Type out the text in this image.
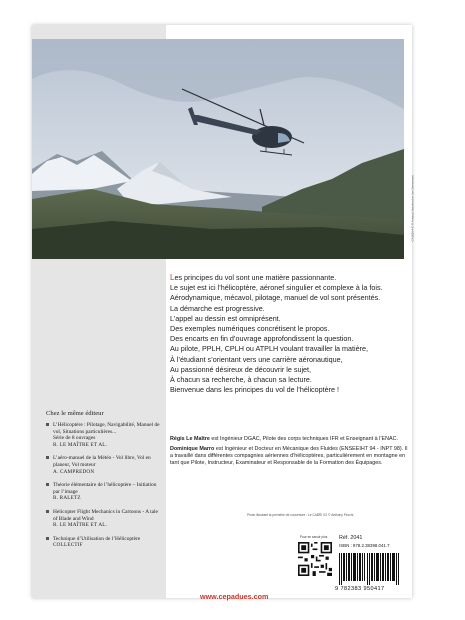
CASQU4-C © Arnaud Jeaufroid et Jan Sammeyer

Les principes du vol sont une matière passionnante.

Le sujet est ici l’hélicoptère, aéronef singulier et complexe à la fois.

Aérodynamique, mécavol, pilotage, manuel de vol sont présentés.

La démarche est progressive.

L’appel au dessin est omniprésent.

Des exemples numériques concrétisent le propos.

Des encarts en fin d’ouvrage approfondissent la question.

Au pilote, PPLH, CPLH ou ATPLH voulant travailler la matière,

À l’étudiant s’orientant vers une carrière aéronautique,

Au passionné désireux de découvrir le sujet,

À chacun sa recherche, à chacun sa lecture.

Bienvenue dans les principes du vol de l’hélicoptère !

Régis Le Maître est Ingénieur DGAC, Pilote des corps techniques IFR et Enseignant à l’ENAC.

Dominique Marro est Ingénieur et Docteur en Mécanique des Fluides (ENSEEIHT 94 - INPT 98). Il a travaillé dans différentes compagnies aériennes d’hélicoptères, particulièrement en montagne en tant que Pilote, Instructeur, Examinateur et Responsable de la Formation des Équipages.

Chez le même éditeur
L’Hélicoptère : Pilotage, Navigabilité, Manuel de vol, Situations particulières...
Série de 8 ouvrages
R. LE MAÎTRE ET AL.
L’aéro-manuel de la Météo - Vol libre, Vol en planeur, Vol moteur
A. CAMPREDON
Théorie élémentaire de l’hélicoptère – Initiation par l’image
R. RALETZ
Helicopter Flight Mechanics in Cartoons - A tale of Blade and Wind
R. LE MAÎTRE ET AL.
Technique d’Utilisation de l’Hélicoptère
COLLECTIF
Photo illustrant la première de couverture : Le CABRI G2 © Anthony Pecchi
Pour en savoir plus Réf. 2041
ISBN : 978.2.38398.041.7
9 782383 950417
www.cepadues.com
